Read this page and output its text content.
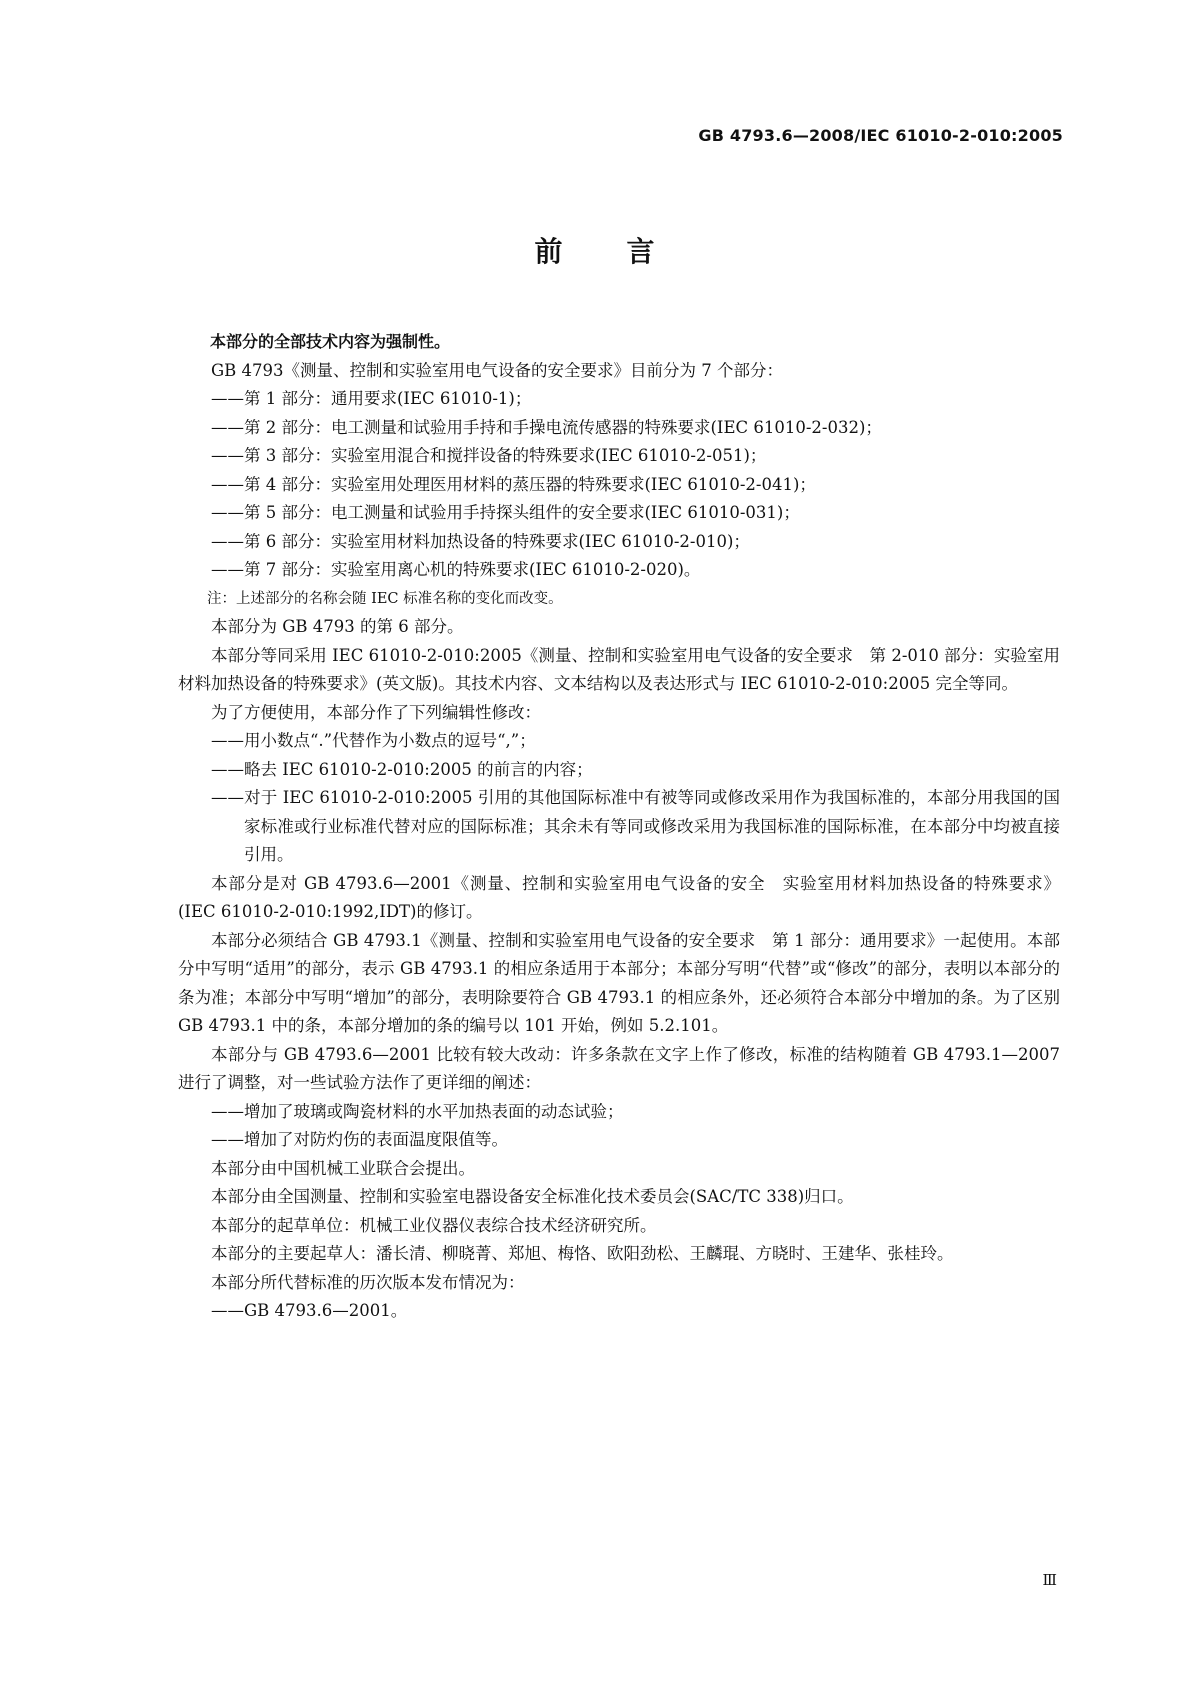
GB 4793.6—2008/IEC 61010-2-010:2005
前 言

本部分的全部技术内容为强制性。

GB 4793《测量、控制和实验室用电气设备的安全要求》目前分为 7 个部分：

——第 1 部分：通用要求(IEC 61010-1)；

——第 2 部分：电工测量和试验用手持和手操电流传感器的特殊要求(IEC 61010-2-032)；

——第 3 部分：实验室用混合和搅拌设备的特殊要求(IEC 61010-2-051)；

——第 4 部分：实验室用处理医用材料的蒸压器的特殊要求(IEC 61010-2-041)；

——第 5 部分：电工测量和试验用手持探头组件的安全要求(IEC 61010-031)；

——第 6 部分：实验室用材料加热设备的特殊要求(IEC 61010-2-010)；

——第 7 部分：实验室用离心机的特殊要求(IEC 61010-2-020)。

注：上述部分的名称会随 IEC 标准名称的变化而改变。

本部分为 GB 4793 的第 6 部分。

本部分等同采用 IEC 61010-2-010:2005《测量、控制和实验室用电气设备的安全要求　第 2-010 部分：实验室用材料加热设备的特殊要求》(英文版)。其技术内容、文本结构以及表达形式与 IEC 61010-2-010:2005 完全等同。

为了方便使用，本部分作了下列编辑性修改：

——用小数点“.”代替作为小数点的逗号“,”；

——略去 IEC 61010-2-010:2005 的前言的内容；

——对于 IEC 61010-2-010:2005 引用的其他国际标准中有被等同或修改采用作为我国标准的，本部分用我国的国家标准或行业标准代替对应的国际标准；其余未有等同或修改采用为我国标准的国际标准，在本部分中均被直接引用。

本部分是对 GB 4793.6—2001《测量、控制和实验室用电气设备的安全　实验室用材料加热设备的特殊要求》(IEC 61010-2-010:1992,IDT)的修订。

本部分必须结合 GB 4793.1《测量、控制和实验室用电气设备的安全要求　第 1 部分：通用要求》一起使用。本部分中写明“适用”的部分，表示 GB 4793.1 的相应条适用于本部分；本部分写明“代替”或“修改”的部分，表明以本部分的条为准；本部分中写明“增加”的部分，表明除要符合 GB 4793.1 的相应条外，还必须符合本部分中增加的条。为了区别 GB 4793.1 中的条，本部分增加的条的编号以 101 开始，例如 5.2.101。

本部分与 GB 4793.6—2001 比较有较大改动：许多条款在文字上作了修改，标准的结构随着 GB 4793.1—2007进行了调整，对一些试验方法作了更详细的阐述：

——增加了玻璃或陶瓷材料的水平加热表面的动态试验；

——增加了对防灼伤的表面温度限值等。

本部分由中国机械工业联合会提出。

本部分由全国测量、控制和实验室电器设备安全标准化技术委员会(SAC/TC 338)归口。

本部分的起草单位：机械工业仪器仪表综合技术经济研究所。

本部分的主要起草人：潘长清、柳晓菁、郑旭、梅恪、欧阳劲松、王麟琨、方晓时、王建华、张桂玲。

本部分所代替标准的历次版本发布情况为：

——GB 4793.6—2001。

Ⅲ
